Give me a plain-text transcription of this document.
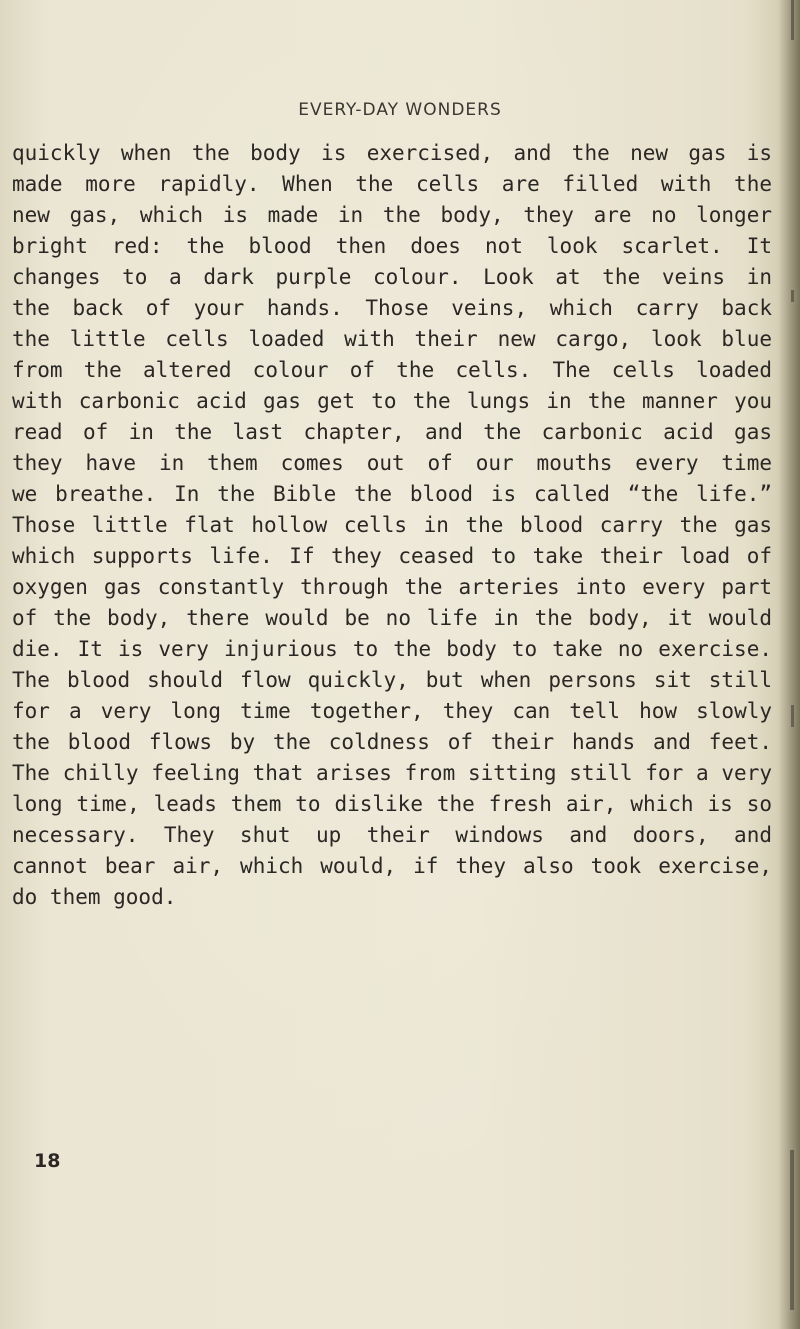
EVERY-DAY WONDERS
quickly when the body is exercised, and the new gas is
made more rapidly. When the cells are filled with the
new gas, which is made in the body, they are no longer
bright red: the blood then does not look scarlet. It
changes to a dark purple colour. Look at the veins in
the back of your hands. Those veins, which carry back
the little cells loaded with their new cargo, look blue
from the altered colour of the cells. The cells loaded
with carbonic acid gas get to the lungs in the manner you
read of in the last chapter, and the carbonic acid gas
they have in them comes out of our mouths every time
we breathe. In the Bible the blood is called “the life.”
Those little flat hollow cells in the blood carry the gas
which supports life. If they ceased to take their load of
oxygen gas constantly through the arteries into every part
of the body, there would be no life in the body, it would
die. It is very injurious to the body to take no exercise.
The blood should flow quickly, but when persons sit still
for a very long time together, they can tell how slowly
the blood flows by the coldness of their hands and feet.
The chilly feeling that arises from sitting still for a very
long time, leads them to dislike the fresh air, which is so
necessary. They shut up their windows and doors, and
cannot bear air, which would, if they also took exercise,
do them good.
18
